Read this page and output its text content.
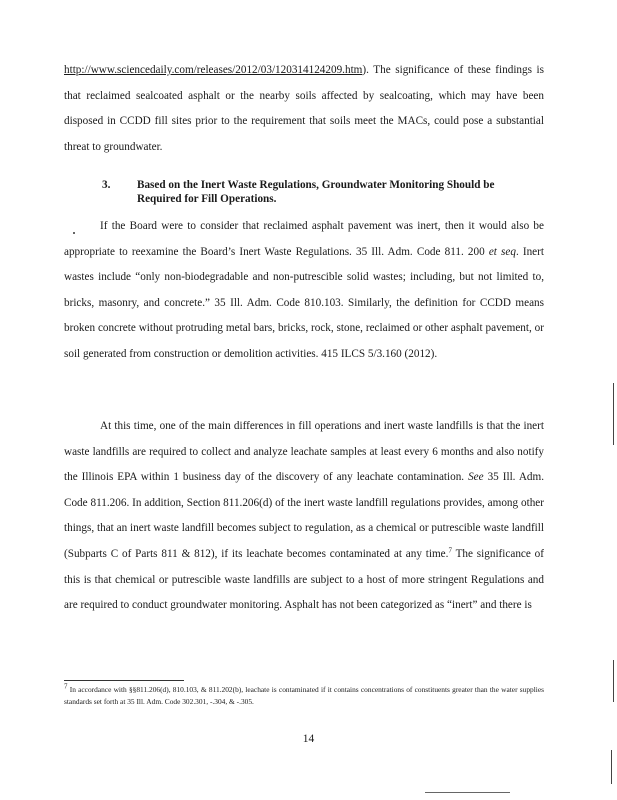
http://www.sciencedaily.com/releases/2012/03/120314124209.htm). The significance of these findings is that reclaimed sealcoated asphalt or the nearby soils affected by sealcoating, which may have been disposed in CCDD fill sites prior to the requirement that soils meet the MACs, could pose a substantial threat to groundwater.

3. Based on the Inert Waste Regulations, Groundwater Monitoring Should be Required for Fill Operations.

If the Board were to consider that reclaimed asphalt pavement was inert, then it would also be appropriate to reexamine the Board’s Inert Waste Regulations. 35 Ill. Adm. Code 811. 200 et seq. Inert wastes include “only non-biodegradable and non-putrescible solid wastes; including, but not limited to, bricks, masonry, and concrete.” 35 Ill. Adm. Code 810.103. Similarly, the definition for CCDD means broken concrete without protruding metal bars, bricks, rock, stone, reclaimed or other asphalt pavement, or soil generated from construction or demolition activities. 415 ILCS 5/3.160 (2012).

At this time, one of the main differences in fill operations and inert waste landfills is that the inert waste landfills are required to collect and analyze leachate samples at least every 6 months and also notify the Illinois EPA within 1 business day of the discovery of any leachate contamination. See 35 Ill. Adm. Code 811.206. In addition, Section 811.206(d) of the inert waste landfill regulations provides, among other things, that an inert waste landfill becomes subject to regulation, as a chemical or putrescible waste landfill (Subparts C of Parts 811 & 812), if its leachate becomes contaminated at any time.$^7$ The significance of this is that chemical or putrescible waste landfills are subject to a host of more stringent Regulations and are required to conduct groundwater monitoring. Asphalt has not been categorized as “inert” and there is

$^7$ In accordance with §§811.206(d), 810.103, & 811.202(b), leachate is contaminated if it contains concentrations of constituents greater than the water supplies standards set forth at 35 Ill. Adm. Code 302.301, -.304, & -.305.

14
